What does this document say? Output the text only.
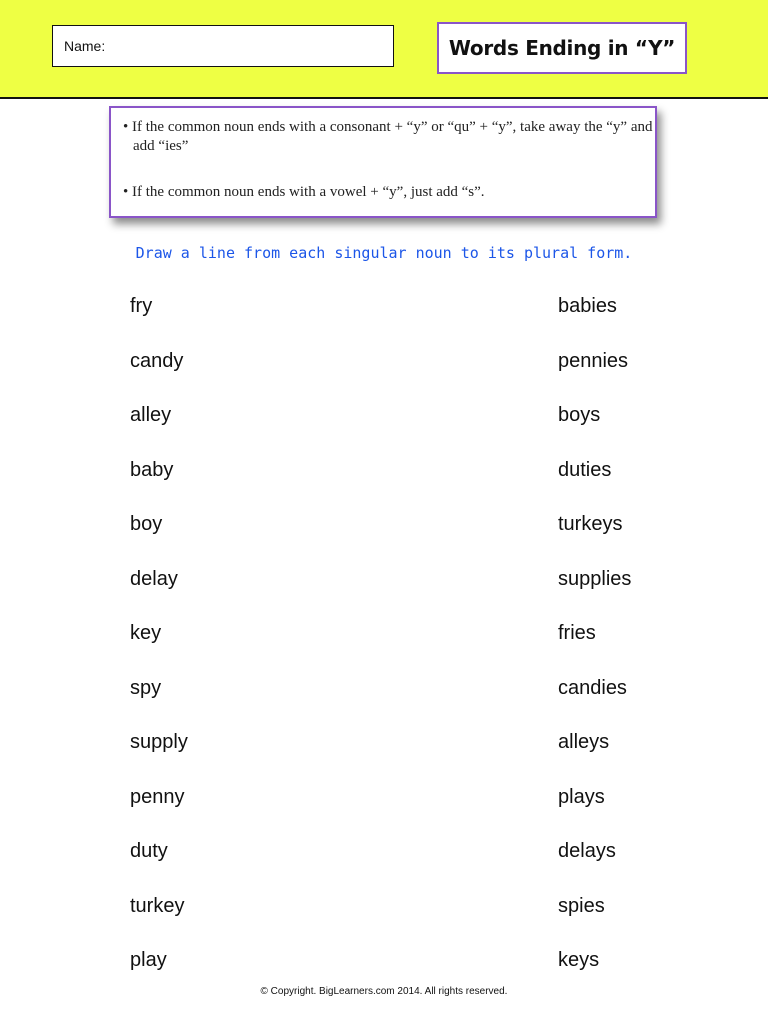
Name:	Words Ending in “Y”
• If the common noun ends with a consonant + “y” or “qu” + “y”, take away the “y” and add “ies”
• If the common noun ends with a vowel + “y”, just add “s”.
Draw a line from each singular noun to its plural form.
fry
candy
alley
baby
boy
delay
key
spy
supply
penny
duty
turkey
play
babies
pennies
boys
duties
turkeys
supplies
fries
candies
alleys
plays
delays
spies
keys
© Copyright. BigLearners.com 2014. All rights reserved.
